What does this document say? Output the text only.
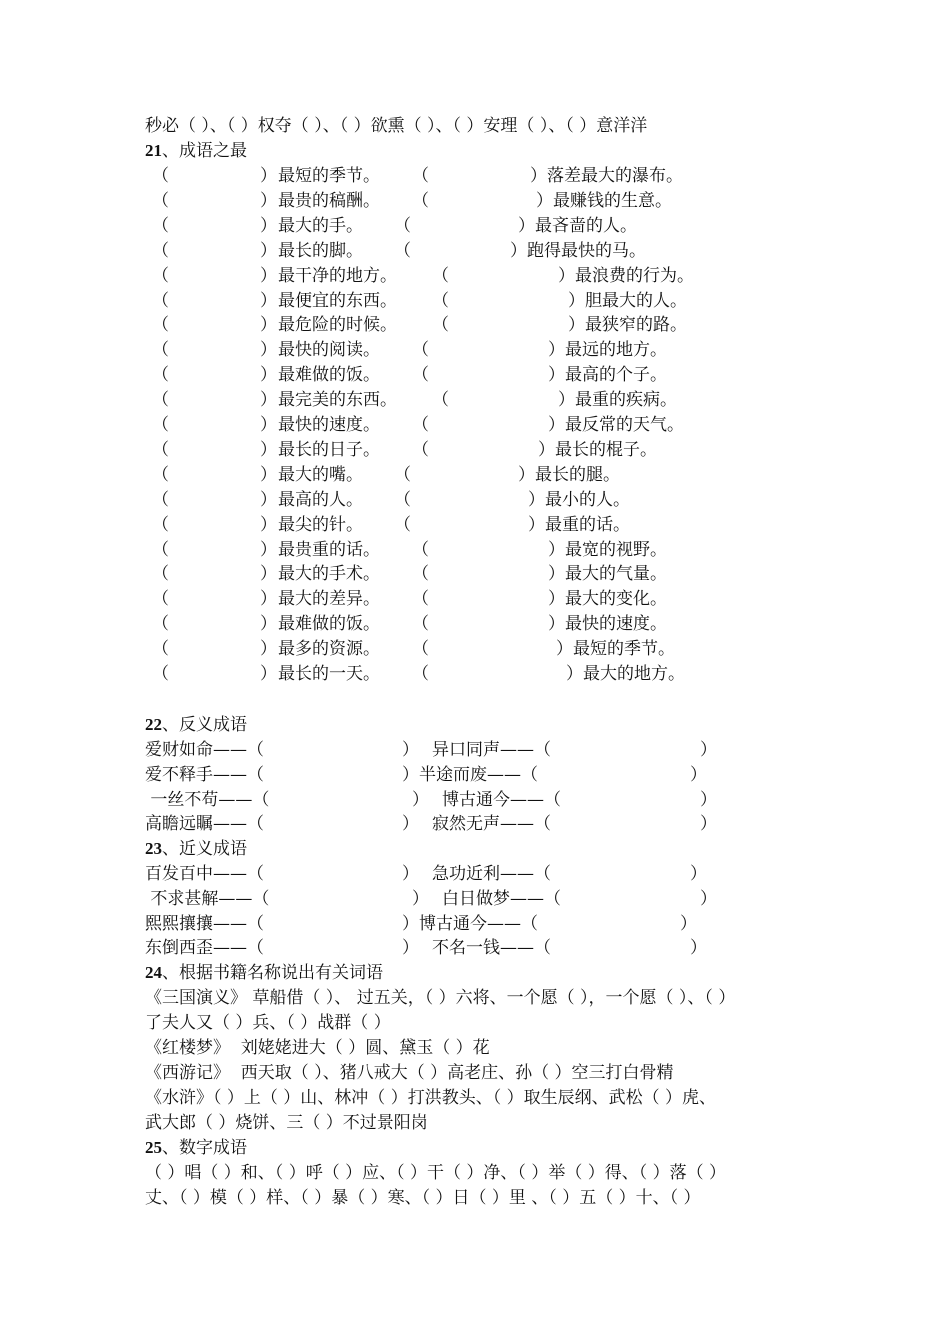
秒必（ ）、（ ）权夺（ ）、（ ）欲熏（ ）、（ ）安理（ ）、（ ）意洋洋
21、成语之最
（	） 最短的季节。 （	） 落差最大的瀑布。
（	） 最贵的稿酬。 （	） 最赚钱的生意。
（	） 最大的手。 （	） 最吝啬的人。
（	） 最长的脚。 （	） 跑得最快的马。
（	） 最干净的地方。 （	） 最浪费的行为。
（	） 最便宜的东西。 （	） 胆最大的人。
（	） 最危险的时候。 （	） 最狭窄的路。
（	） 最快的阅读。 （	） 最远的地方。
（	） 最难做的饭。 （	） 最高的个子。
（	） 最完美的东西。 （	） 最重的疾病。
（	） 最快的速度。 （	） 最反常的天气。
（	） 最长的日子。 （	） 最长的棍子。
（	） 最大的嘴。 （	） 最长的腿。
（	） 最高的人。 （	） 最小的人。
（	） 最尖的针。 （	） 最重的话。
（	） 最贵重的话。 （	） 最宽的视野。
（	） 最大的手术。 （	） 最大的气量。
（	） 最大的差异。 （	） 最大的变化。
（	） 最难做的饭。 （	） 最快的速度。
（	） 最多的资源。 （	） 最短的季节。
（	） 最长的一天。 （	） 最大的地方。
22、反义成语
爱财如命——（	） 异口同声——（	）
爱不释手——（	）半途而废——（	）
一丝不苟——（	） 博古通今——（	）
高瞻远瞩——（	） 寂然无声——（	）
23、近义成语
百发百中——（	） 急功近利——（	）
不求甚解——（	） 白日做梦——（	）
熙熙攘攘——（	）博古通今——（	）
东倒西歪——（	） 不名一钱——（	）
24、根据书籍名称说出有关词语
《三国演义》 草船借（ ）、 过五关，（ ）六将、一个愿（ ），一个愿（ ）、（ ）
了夫人又（ ）兵、（ ）战群（ ）
《红楼梦》  刘姥姥进大（ ）圆、黛玉（ ）花
《西游记》  西天取（ ）、猪八戒大（ ）高老庄、孙（ ）空三打白骨精
《水浒》（ ）上（ ）山、林冲（ ）打洪教头、（ ）取生辰纲、武松（ ）虎、
武大郎（ ）烧饼、三（ ）不过景阳岗
25、数字成语
（ ）唱（ ）和、（ ）呼（ ）应、（ ）干（ ）净、（ ）举（ ）得、（ ）落（ ）
丈、（ ）模（ ）样、（ ）暴（ ）寒、（ ）日（ ）里 、（ ）五（ ）十、（ ）
